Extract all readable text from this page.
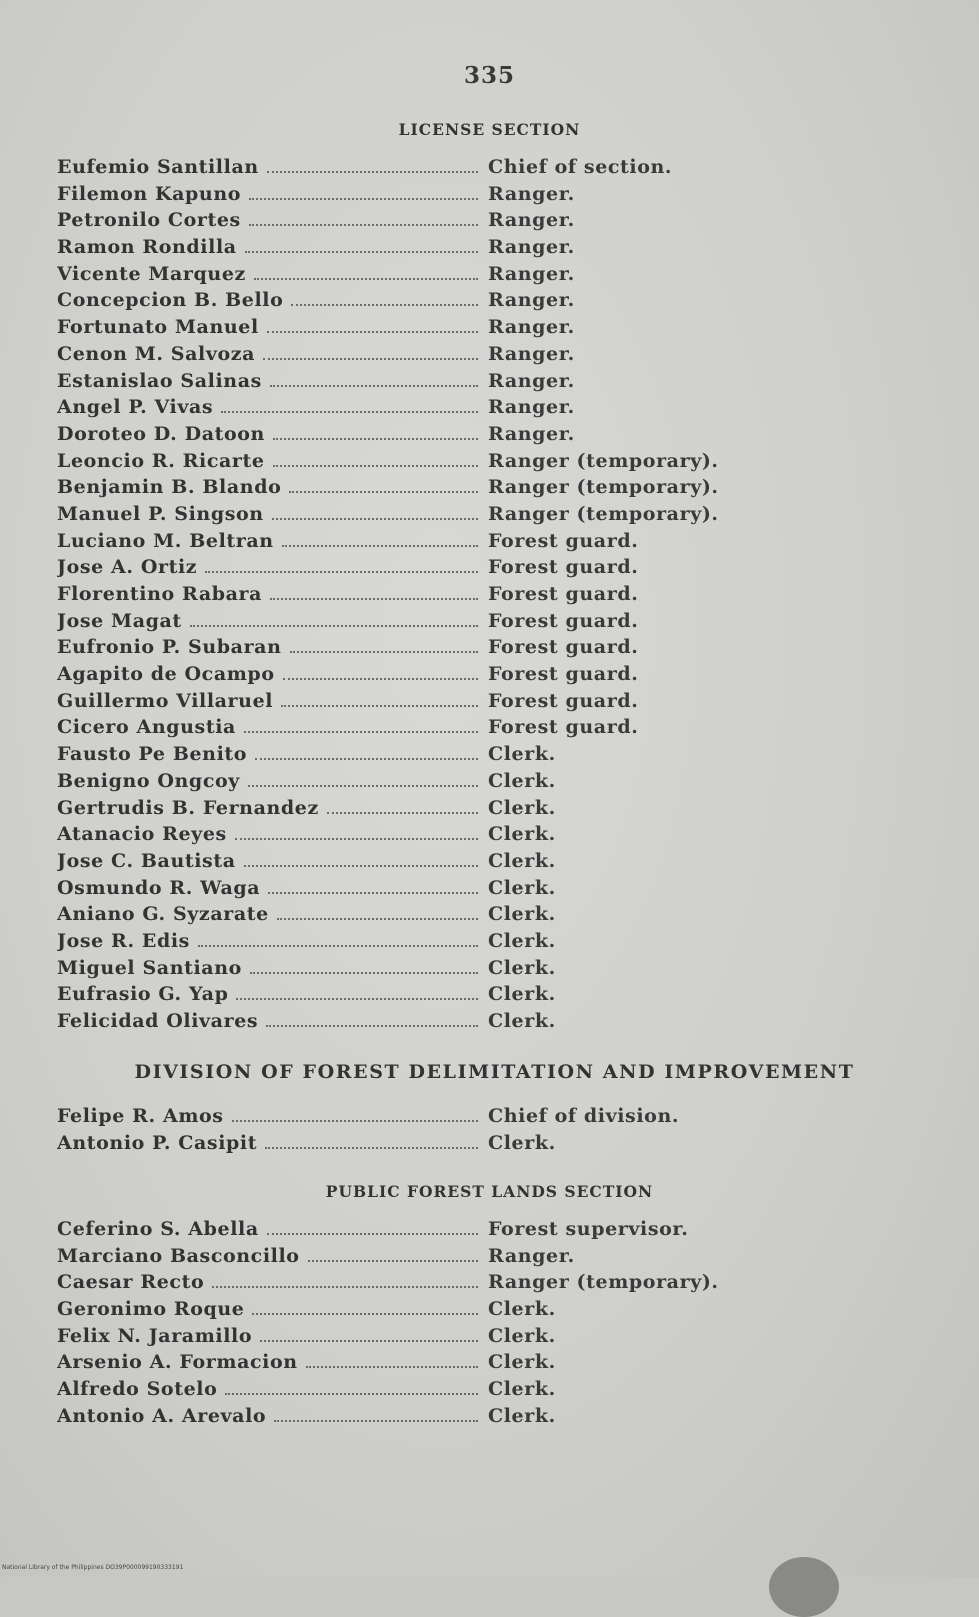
335
LICENSE SECTION
Eufemio Santillan	Chief of section.
Filemon Kapuno	Ranger.
Petronilo Cortes	Ranger.
Ramon Rondilla	Ranger.
Vicente Marquez	Ranger.
Concepcion B. Bello	Ranger.
Fortunato Manuel	Ranger.
Cenon M. Salvoza	Ranger.
Estanislao Salinas	Ranger.
Angel P. Vivas	Ranger.
Doroteo D. Datoon	Ranger.
Leoncio R. Ricarte	Ranger (temporary).
Benjamin B. Blando	Ranger (temporary).
Manuel P. Singson	Ranger (temporary).
Luciano M. Beltran	Forest guard.
Jose A. Ortiz	Forest guard.
Florentino Rabara	Forest guard.
Jose Magat	Forest guard.
Eufronio P. Subaran	Forest guard.
Agapito de Ocampo	Forest guard.
Guillermo Villaruel	Forest guard.
Cicero Angustia	Forest guard.
Fausto Pe Benito	Clerk.
Benigno Ongcoy	Clerk.
Gertrudis B. Fernandez	Clerk.
Atanacio Reyes	Clerk.
Jose C. Bautista	Clerk.
Osmundo R. Waga	Clerk.
Aniano G. Syzarate	Clerk.
Jose R. Edis	Clerk.
Miguel Santiano	Clerk.
Eufrasio G. Yap	Clerk.
Felicidad Olivares	Clerk.
DIVISION OF FOREST DELIMITATION AND IMPROVEMENT
Felipe R. Amos	Chief of division.
Antonio P. Casipit	Clerk.
PUBLIC FOREST LANDS SECTION
Ceferino S. Abella	Forest supervisor.
Marciano Basconcillo	Ranger.
Caesar Recto	Ranger (temporary).
Geronimo Roque	Clerk.
Felix N. Jaramillo	Clerk.
Arsenio A. Formacion	Clerk.
Alfredo Sotelo	Clerk.
Antonio A. Arevalo	Clerk.
National Library of the Philippines DO39P000099190333191
